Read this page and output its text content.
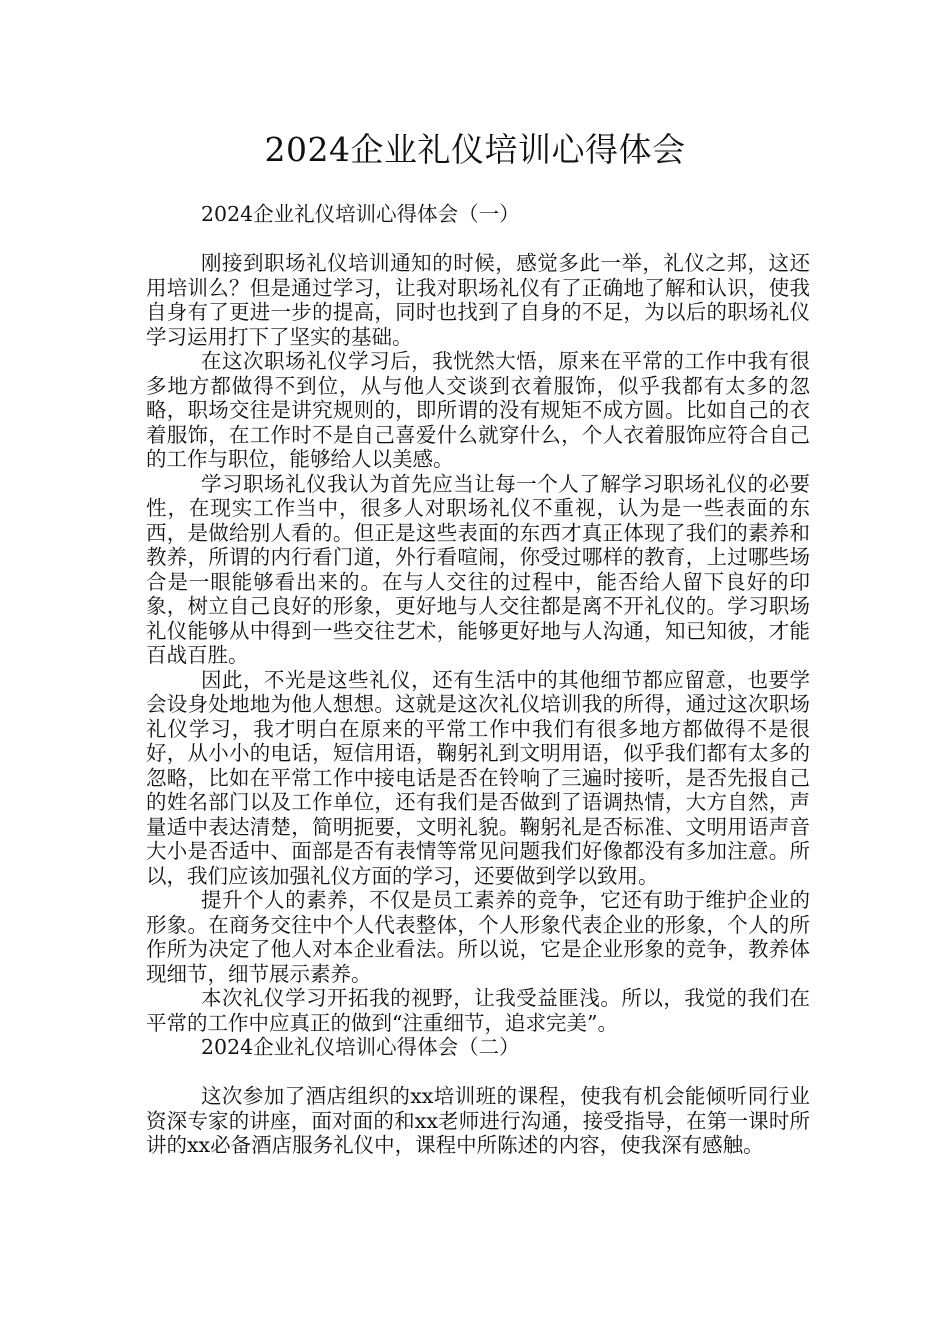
2024企业礼仪培训心得体会
2024企业礼仪培训心得体会（一）

刚接到职场礼仪培训通知的时候，感觉多此一举，礼仪之邦，这还用培训么？但是通过学习，让我对职场礼仪有了正确地了解和认识，使我自身有了更进一步的提高，同时也找到了自身的不足，为以后的职场礼仪学习运用打下了坚实的基础。

在这次职场礼仪学习后，我恍然大悟，原来在平常的工作中我有很多地方都做得不到位，从与他人交谈到衣着服饰，似乎我都有太多的忽略，职场交往是讲究规则的，即所谓的没有规矩不成方圆。比如自己的衣着服饰，在工作时不是自己喜爱什么就穿什么，个人衣着服饰应符合自己的工作与职位，能够给人以美感。

学习职场礼仪我认为首先应当让每一个人了解学习职场礼仪的必要性，在现实工作当中，很多人对职场礼仪不重视，认为是一些表面的东西，是做给别人看的。但正是这些表面的东西才真正体现了我们的素养和教养，所谓的内行看门道，外行看喧闹，你受过哪样的教育，上过哪些场合是一眼能够看出来的。在与人交往的过程中，能否给人留下良好的印象，树立自己良好的形象，更好地与人交往都是离不开礼仪的。学习职场礼仪能够从中得到一些交往艺术，能够更好地与人沟通，知已知彼，才能百战百胜。

因此，不光是这些礼仪，还有生活中的其他细节都应留意，也要学会设身处地地为他人想想。这就是这次礼仪培训我的所得，通过这次职场礼仪学习，我才明白在原来的平常工作中我们有很多地方都做得不是很好，从小小的电话，短信用语，鞠躬礼到文明用语，似乎我们都有太多的忽略，比如在平常工作中接电话是否在铃响了三遍时接听，是否先报自己的姓名部门以及工作单位，还有我们是否做到了语调热情，大方自然，声量适中表达清楚，简明扼要，文明礼貌。鞠躬礼是否标准、文明用语声音大小是否适中、面部是否有表情等常见问题我们好像都没有多加注意。所以，我们应该加强礼仪方面的学习，还要做到学以致用。

提升个人的素养，不仅是员工素养的竞争，它还有助于维护企业的形象。在商务交往中个人代表整体，个人形象代表企业的形象，个人的所作所为决定了他人对本企业看法。所以说，它是企业形象的竞争，教养体现细节，细节展示素养。

本次礼仪学习开拓我的视野，让我受益匪浅。所以，我觉的我们在平常的工作中应真正的做到“注重细节，追求完美”。

2024企业礼仪培训心得体会（二）

这次参加了酒店组织的xx培训班的课程，使我有机会能倾听同行业资深专家的讲座，面对面的和xx老师进行沟通，接受指导，在第一课时所讲的xx必备酒店服务礼仪中，课程中所陈述的内容，使我深有感触。
